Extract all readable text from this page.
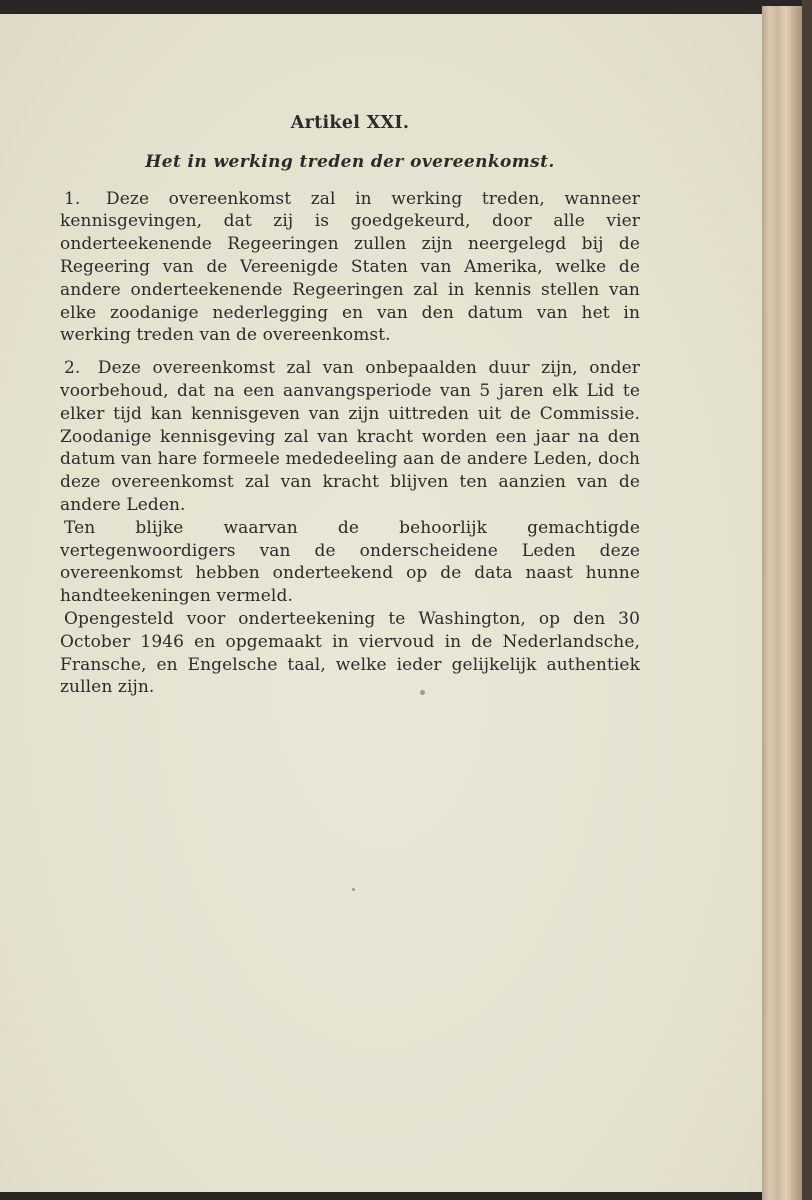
Artikel XXI.
Het in werking treden der overeenkomst.

1. Deze overeenkomst zal in werking treden, wanneer kennisgevingen, dat zij is goedgekeurd, door alle vier onderteekenende Regeeringen zullen zijn neergelegd bij de Regeering van de Vereenigde Staten van Amerika, welke de andere onderteekenende Regeeringen zal in kennis stellen van elke zoodanige nederlegging en van den datum van het in werking treden van de overeenkomst.

2. Deze overeenkomst zal van onbepaalden duur zijn, onder voorbehoud, dat na een aanvangsperiode van 5 jaren elk Lid te elker tijd kan kennisgeven van zijn uittreden uit de Commissie. Zoodanige kennisgeving zal van kracht worden een jaar na den datum van hare formeele mededeeling aan de andere Leden, doch deze overeenkomst zal van kracht blijven ten aanzien van de andere Leden.

Ten blijke waarvan de behoorlijk gemachtigde vertegenwoordigers van de onderscheidene Leden deze overeenkomst hebben onderteekend op de data naast hunne handteekeningen vermeld.

Opengesteld voor onderteekening te Washington, op den 30 October 1946 en opgemaakt in viervoud in de Nederlandsche, Fransche, en Engelsche taal, welke ieder gelijkelijk authentiek zullen zijn.
